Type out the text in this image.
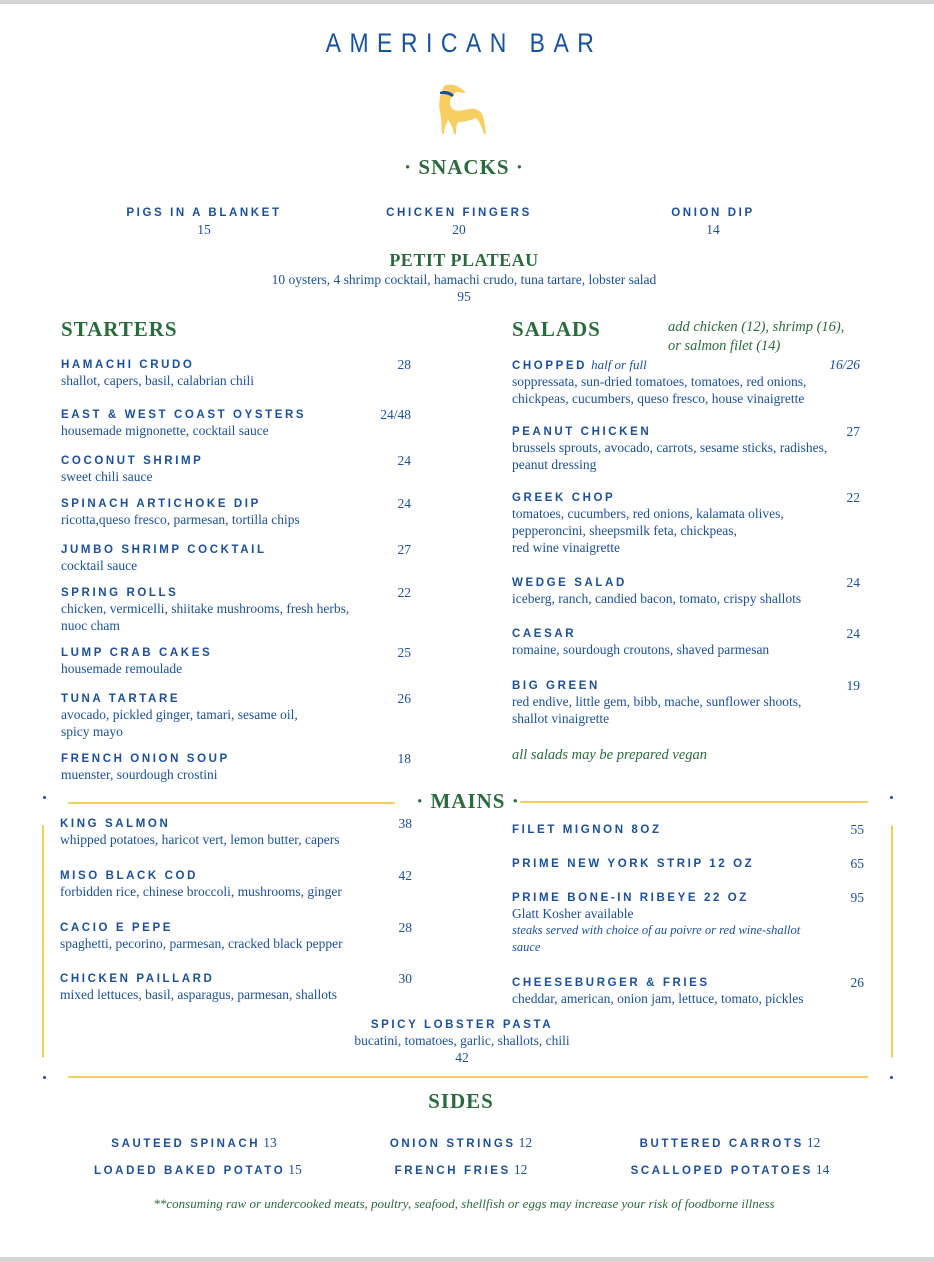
AMERICAN BAR
· SNACKS ·
PIGS IN A BLANKET
15
CHICKEN FINGERS
20
ONION DIP
14
PETIT PLATEAU
10 oysters, 4 shrimp cocktail, hamachi crudo, tuna tartare, lobster salad
95
STARTERS
HAMACHI CRUDO	28
shallot, capers, basil, calabrian chili
EAST & WEST COAST OYSTERS	24/48
housemade mignonette, cocktail sauce
COCONUT SHRIMP	24
sweet chili sauce
SPINACH ARTICHOKE DIP	24
ricotta,queso fresco, parmesan, tortilla chips
JUMBO SHRIMP COCKTAIL	27
cocktail sauce
SPRING ROLLS	22
chicken, vermicelli, shiitake mushrooms, fresh herbs,
nuoc cham
LUMP CRAB CAKES	25
housemade remoulade
TUNA TARTARE	26
avocado, pickled ginger, tamari, sesame oil,
spicy mayo
FRENCH ONION SOUP	18
muenster, sourdough crostini
SALADS	add chicken (12), shrimp (16),
or salmon filet (14)
CHOPPED half or full	16/26
soppressata, sun-dried tomatoes, tomatoes, red onions,
chickpeas, cucumbers, queso fresco, house vinaigrette
PEANUT CHICKEN	27
brussels sprouts, avocado, carrots, sesame sticks, radishes,
peanut dressing
GREEK CHOP	22
tomatoes, cucumbers, red onions, kalamata olives,
pepperoncini, sheepsmilk feta, chickpeas,
red wine vinaigrette
WEDGE SALAD	24
iceberg, ranch, candied bacon, tomato, crispy shallots
CAESAR	24
romaine, sourdough croutons, shaved parmesan
BIG GREEN	19
red endive, little gem, bibb, mache, sunflower shoots,
shallot vinaigrette
all salads may be prepared vegan
· MAINS ·
KING SALMON	38
whipped potatoes, haricot vert, lemon butter, capers
MISO BLACK COD	42
forbidden rice, chinese broccoli, mushrooms, ginger
CACIO E PEPE	28
spaghetti, pecorino, parmesan, cracked black pepper
CHICKEN PAILLARD	30
mixed lettuces, basil, asparagus, parmesan, shallots
FILET MIGNON 8OZ	55
PRIME NEW YORK STRIP 12 OZ	65
PRIME BONE-IN RIBEYE 22 OZ	95
Glatt Kosher available
steaks served with choice of au poivre or red wine-shallot
sauce
CHEESEBURGER & FRIES	26
cheddar, american, onion jam, lettuce, tomato, pickles
SPICY LOBSTER PASTA
bucatini, tomatoes, garlic, shallots, chili
42
SIDES
SAUTEED SPINACH 13	ONION STRINGS 12	BUTTERED CARROTS 12
LOADED BAKED POTATO 15	FRENCH FRIES 12	SCALLOPED POTATOES 14
**consuming raw or undercooked meats, poultry, seafood, shellfish or eggs may increase your risk of foodborne illness
